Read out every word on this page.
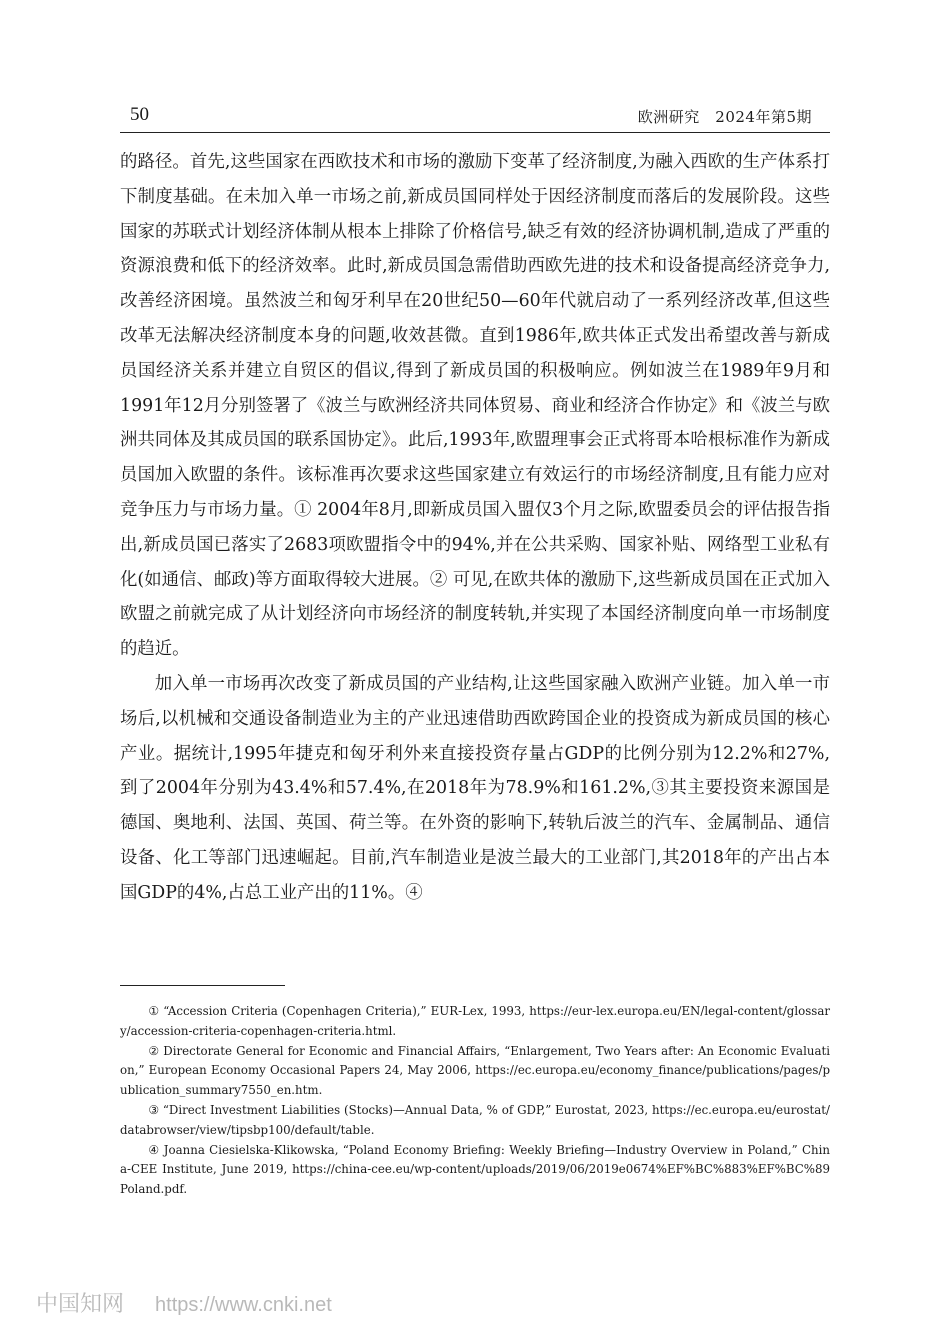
50	欧洲研究　2024年第5期

的路径。首先,这些国家在西欧技术和市场的激励下变革了经济制度,为融入西欧的生产体系打下制度基础。在未加入单一市场之前,新成员国同样处于因经济制度而落后的发展阶段。这些国家的苏联式计划经济体制从根本上排除了价格信号,缺乏有效的经济协调机制,造成了严重的资源浪费和低下的经济效率。此时,新成员国急需借助西欧先进的技术和设备提高经济竞争力,改善经济困境。虽然波兰和匈牙利早在20世纪50—60年代就启动了一系列经济改革,但这些改革无法解决经济制度本身的问题,收效甚微。直到1986年,欧共体正式发出希望改善与新成员国经济关系并建立自贸区的倡议,得到了新成员国的积极响应。例如波兰在1989年9月和1991年12月分别签署了《波兰与欧洲经济共同体贸易、商业和经济合作协定》和《波兰与欧洲共同体及其成员国的联系国协定》。此后,1993年,欧盟理事会正式将哥本哈根标准作为新成员国加入欧盟的条件。该标准再次要求这些国家建立有效运行的市场经济制度,且有能力应对竞争压力与市场力量。① 2004年8月,即新成员国入盟仅3个月之际,欧盟委员会的评估报告指出,新成员国已落实了2683项欧盟指令中的94%,并在公共采购、国家补贴、网络型工业私有化(如通信、邮政)等方面取得较大进展。② 可见,在欧共体的激励下,这些新成员国在正式加入欧盟之前就完成了从计划经济向市场经济的制度转轨,并实现了本国经济制度向单一市场制度的趋近。

加入单一市场再次改变了新成员国的产业结构,让这些国家融入欧洲产业链。加入单一市场后,以机械和交通设备制造业为主的产业迅速借助西欧跨国企业的投资成为新成员国的核心产业。据统计,1995年捷克和匈牙利外来直接投资存量占GDP的比例分别为12.2%和27%,到了2004年分别为43.4%和57.4%,在2018年为78.9%和161.2%,③其主要投资来源国是德国、奥地利、法国、英国、荷兰等。在外资的影响下,转轨后波兰的汽车、金属制品、通信设备、化工等部门迅速崛起。目前,汽车制造业是波兰最大的工业部门,其2018年的产出占本国GDP的4%,占总工业产出的11%。④

① “Accession Criteria (Copenhagen Criteria),” EUR-Lex, 1993, https://eur-lex.europa.eu/EN/legal-content/glossary/accession-criteria-copenhagen-criteria.html.

② Directorate General for Economic and Financial Affairs, “Enlargement, Two Years after: An Economic Evaluation,” European Economy Occasional Papers 24, May 2006, https://ec.europa.eu/economy_finance/publications/pages/publication_summary7550_en.htm.

③ “Direct Investment Liabilities (Stocks)—Annual Data, % of GDP,” Eurostat, 2023, https://ec.europa.eu/eurostat/databrowser/view/tipsbp100/default/table.

④ Joanna Ciesielska-Klikowska, “Poland Economy Briefing: Weekly Briefing—Industry Overview in Poland,” China-CEE Institute, June 2019, https://china-cee.eu/wp-content/uploads/2019/06/2019e0674%EF%BC%883%EF%BC%89Poland.pdf.

中国知网 https://www.cnki.net
